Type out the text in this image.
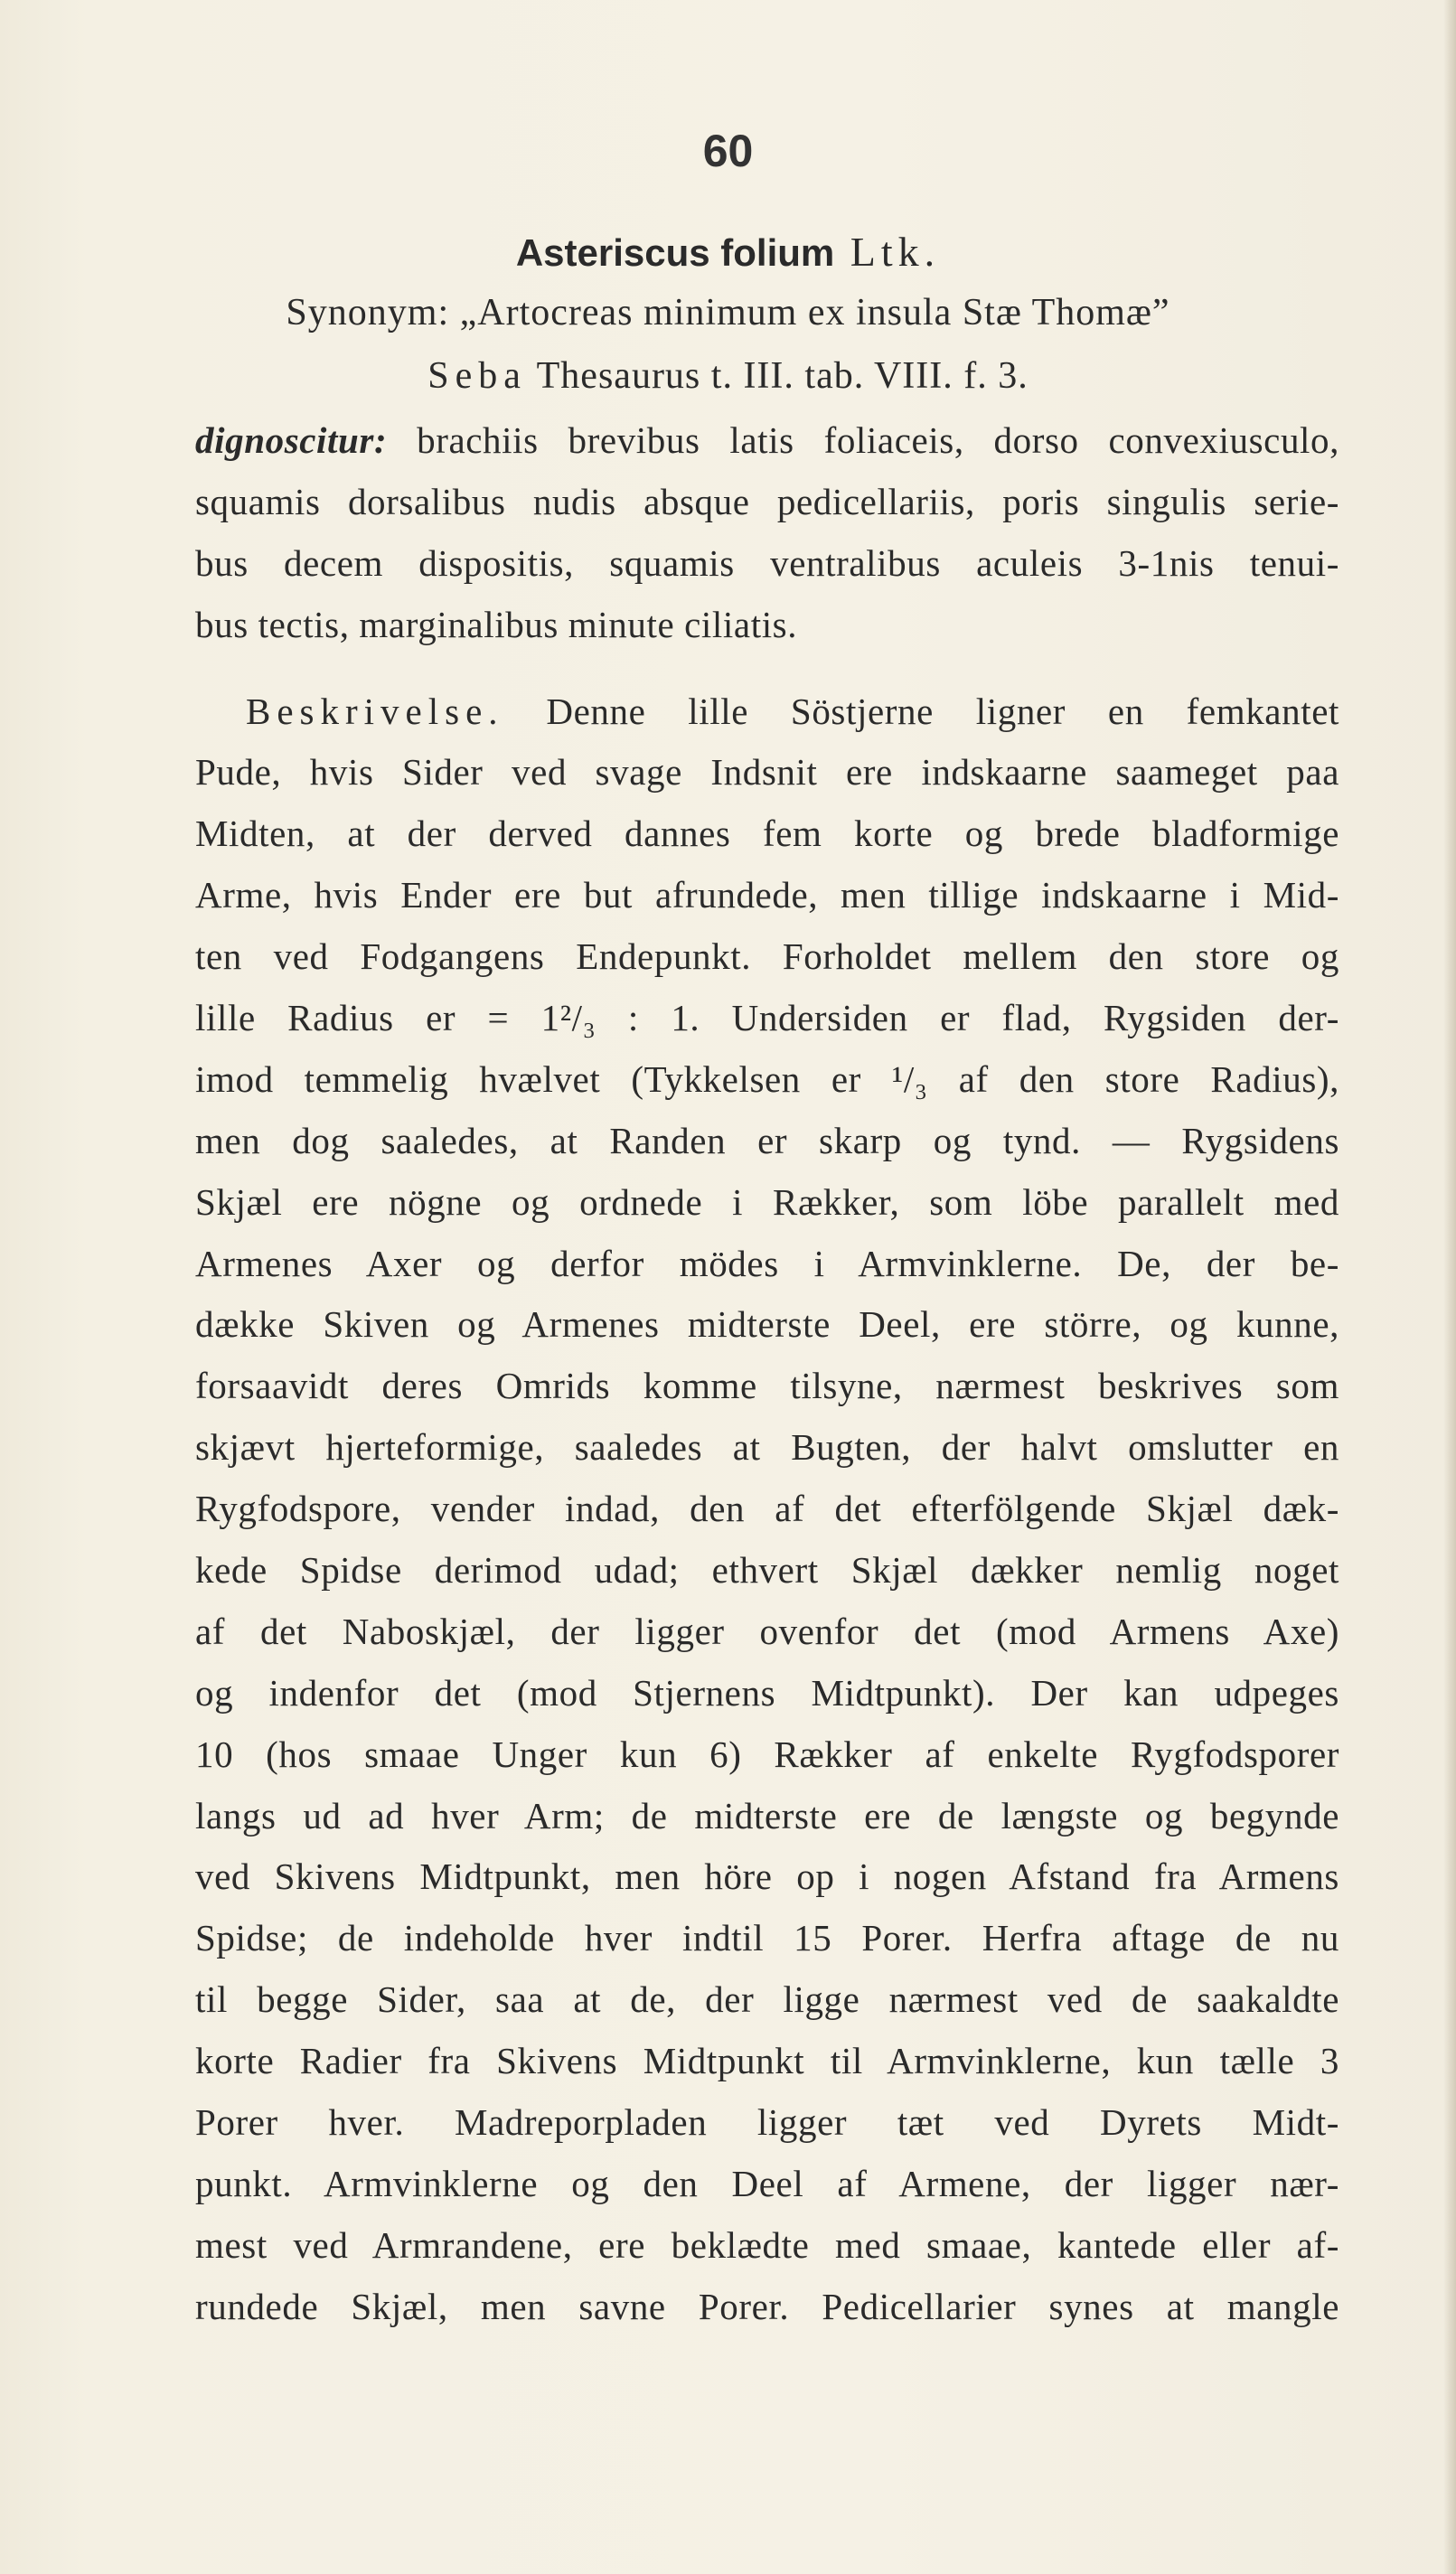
60
Asteriscus folium Ltk.
Synonym: „Artocreas minimum ex insula Stæ Thomæ”
Seba Thesaurus t. III. tab. VIII. f. 3.
dignoscitur: brachiis brevibus latis foliaceis, dorso convexiusculo,
squamis dorsalibus nudis absque pedicellariis, poris singulis serie-
bus decem dispositis, squamis ventralibus aculeis 3-1nis tenui-
bus tectis, marginalibus minute ciliatis.
Beskrivelse. Denne lille Söstjerne ligner en femkantet
Pude, hvis Sider ved svage Indsnit ere indskaarne saameget paa
Midten, at der derved dannes fem korte og brede bladformige
Arme, hvis Ender ere but afrundede, men tillige indskaarne i Mid-
ten ved Fodgangens Endepunkt. Forholdet mellem den store og
lille Radius er = 1²/₃ : 1. Undersiden er flad, Rygsiden der-
imod temmelig hvælvet (Tykkelsen er ¹/₃ af den store Radius),
men dog saaledes, at Randen er skarp og tynd. — Rygsidens
Skjæl ere nögne og ordnede i Rækker, som löbe parallelt med
Armenes Axer og derfor mödes i Armvinklerne. De, der be-
dække Skiven og Armenes midterste Deel, ere större, og kunne,
forsaavidt deres Omrids komme tilsyne, nærmest beskrives som
skjævt hjerteformige, saaledes at Bugten, der halvt omslutter en
Rygfodspore, vender indad, den af det efterfölgende Skjæl dæk-
kede Spidse derimod udad; ethvert Skjæl dækker nemlig noget
af det Naboskjæl, der ligger ovenfor det (mod Armens Axe)
og indenfor det (mod Stjernens Midtpunkt). Der kan udpeges
10 (hos smaae Unger kun 6) Rækker af enkelte Rygfodsporer
langs ud ad hver Arm; de midterste ere de længste og begynde
ved Skivens Midtpunkt, men höre op i nogen Afstand fra Armens
Spidse; de indeholde hver indtil 15 Porer. Herfra aftage de nu
til begge Sider, saa at de, der ligge nærmest ved de saakaldte
korte Radier fra Skivens Midtpunkt til Armvinklerne, kun tælle 3
Porer hver. Madreporpladen ligger tæt ved Dyrets Midt-
punkt. Armvinklerne og den Deel af Armene, der ligger nær-
mest ved Armrandene, ere beklædte med smaae, kantede eller af-
rundede Skjæl, men savne Porer. Pedicellarier synes at mangle
